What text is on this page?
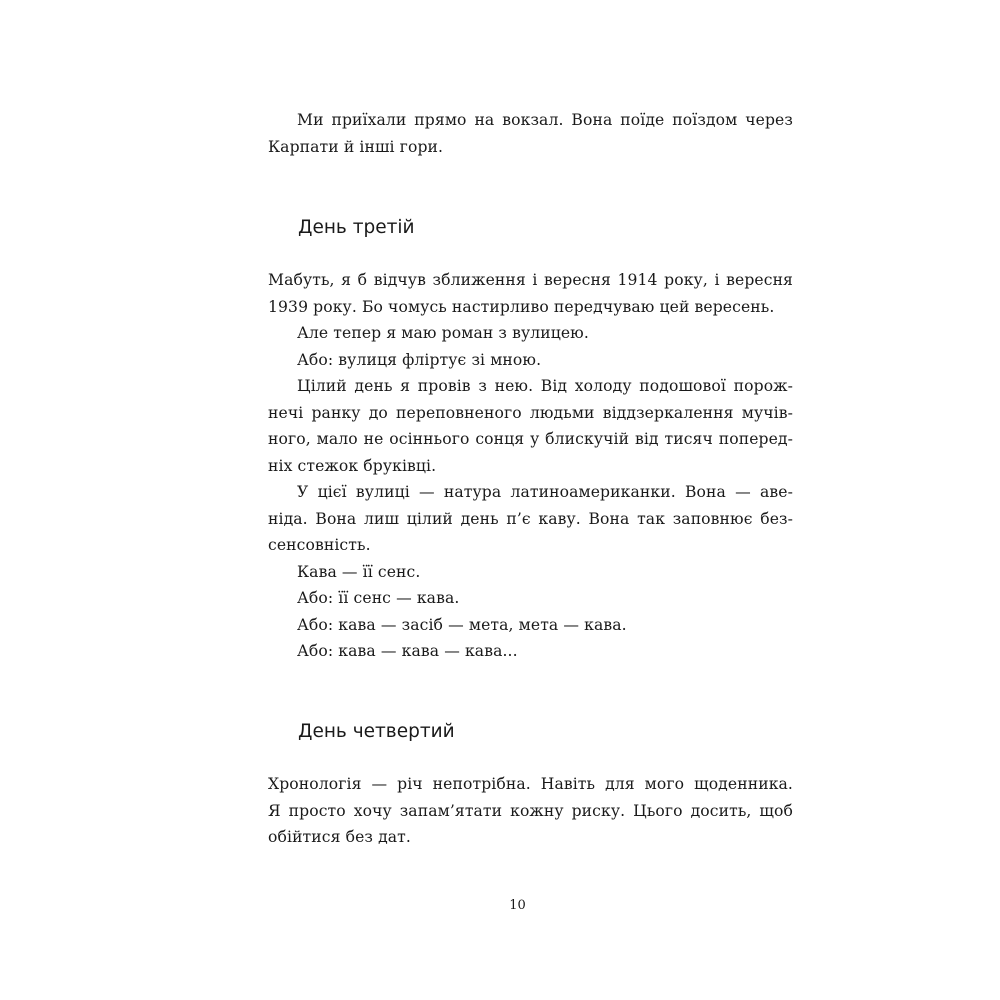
Ми приїхали прямо на вокзал. Вона поїде поїздом через
Карпати й інші гори.
День третій
Мабуть, я б відчув зближення і вересня 1914 року, і вересня
1939 року. Бо чомусь настирливо передчуваю цей вересень.
Але тепер я маю роман з вулицею.
Або: вулиця фліртує зі мною.
Цілий день я провів з нею. Від холоду подошової порож-
нечі ранку до переповненого людьми віддзеркалення мучів-
ного, мало не осіннього сонця у блискучій від тисяч поперед-
ніх стежок бруківці.
У цієї вулиці — натура латиноамериканки. Вона — аве-
ніда. Вона лиш цілий день п’є каву. Вона так заповнює без-
сенсовність.
Кава — її сенс.
Або: її сенс — кава.
Або: кава — засіб — мета, мета — кава.
Або: кава — кава — кава...
День четвертий
Хронологія — річ непотрібна. Навіть для мого щоденника.
Я просто хочу запам’ятати кожну риску. Цього досить, щоб
обійтися без дат.
10
